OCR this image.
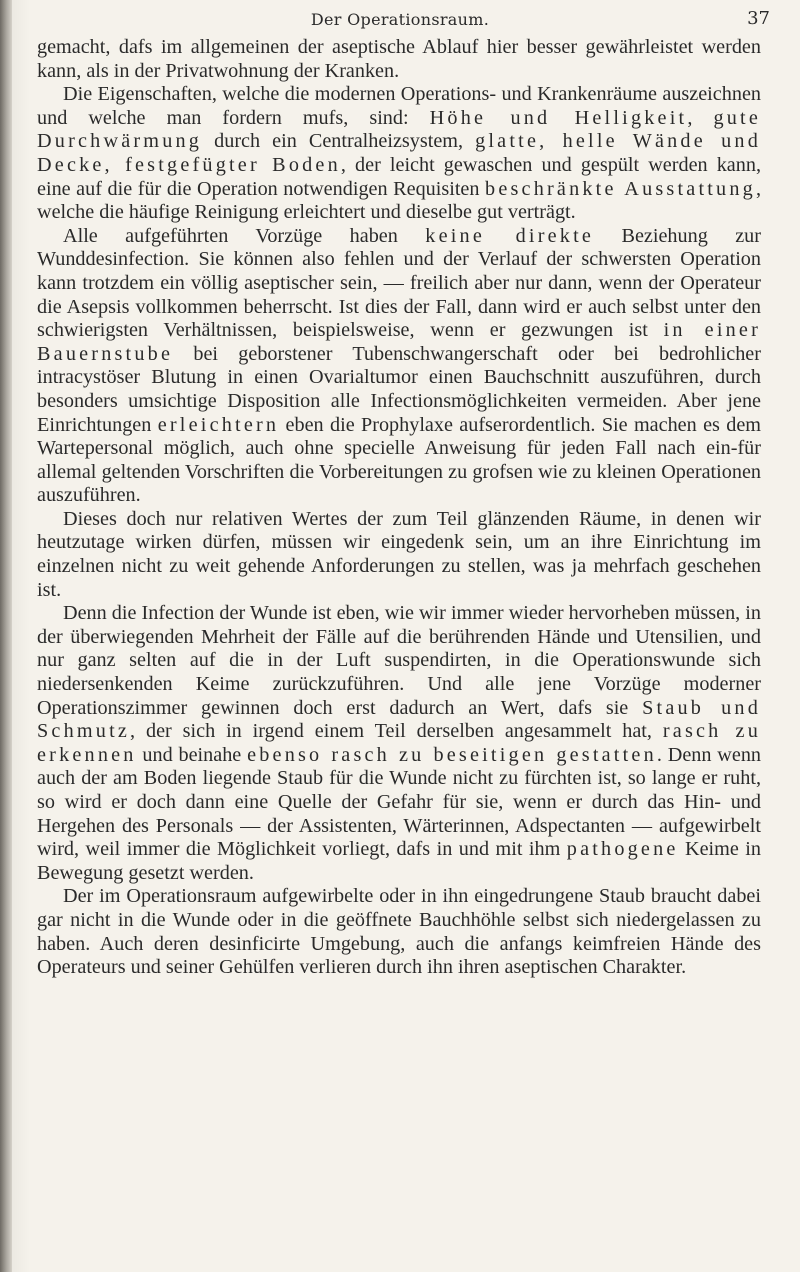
Der Operationsraum.	37

gemacht, dafs im allgemeinen der aseptische Ablauf hier besser gewährleistet werden kann, als in der Privatwohnung der Kranken.

Die Eigenschaften, welche die modernen Operations- und Krankenräume auszeichnen und welche man fordern mufs, sind: Höhe und Helligkeit, gute Durchwärmung durch ein Centralheizsystem, glatte, helle Wände und Decke, festgefügter Boden, der leicht gewaschen und gespült werden kann, eine auf die für die Operation notwendigen Requisiten beschränkte Ausstattung, welche die häufige Reinigung erleichtert und dieselbe gut verträgt.

Alle aufgeführten Vorzüge haben keine direkte Beziehung zur Wunddesinfection. Sie können also fehlen und der Verlauf der schwersten Operation kann trotzdem ein völlig aseptischer sein, — freilich aber nur dann, wenn der Operateur die Asepsis vollkommen beherrscht. Ist dies der Fall, dann wird er auch selbst unter den schwierigsten Verhältnissen, beispielsweise, wenn er gezwungen ist in einer Bauernstube bei geborstener Tubenschwangerschaft oder bei bedrohlicher intracystöser Blutung in einen Ovarialtumor einen Bauchschnitt auszuführen, durch besonders umsichtige Disposition alle Infectionsmöglichkeiten vermeiden. Aber jene Einrichtungen erleichtern eben die Prophylaxe aufserordentlich. Sie machen es dem Wartepersonal möglich, auch ohne specielle Anweisung für jeden Fall nach ein-für allemal geltenden Vorschriften die Vorbereitungen zu grofsen wie zu kleinen Operationen auszuführen.

Dieses doch nur relativen Wertes der zum Teil glänzenden Räume, in denen wir heutzutage wirken dürfen, müssen wir eingedenk sein, um an ihre Einrichtung im einzelnen nicht zu weit gehende Anforderungen zu stellen, was ja mehrfach geschehen ist.

Denn die Infection der Wunde ist eben, wie wir immer wieder hervorheben müssen, in der überwiegenden Mehrheit der Fälle auf die berührenden Hände und Utensilien, und nur ganz selten auf die in der Luft suspendirten, in die Operationswunde sich niedersenkenden Keime zurückzuführen. Und alle jene Vorzüge moderner Operationszimmer gewinnen doch erst dadurch an Wert, dafs sie Staub und Schmutz, der sich in irgend einem Teil derselben angesammelt hat, rasch zu erkennen und beinahe ebenso rasch zu beseitigen gestatten. Denn wenn auch der am Boden liegende Staub für die Wunde nicht zu fürchten ist, so lange er ruht, so wird er doch dann eine Quelle der Gefahr für sie, wenn er durch das Hin- und Hergehen des Personals — der Assistenten, Wärterinnen, Adspectanten — aufgewirbelt wird, weil immer die Möglichkeit vorliegt, dafs in und mit ihm pathogene Keime in Bewegung gesetzt werden.

Der im Operationsraum aufgewirbelte oder in ihn eingedrungene Staub braucht dabei gar nicht in die Wunde oder in die geöffnete Bauchhöhle selbst sich niedergelassen zu haben. Auch deren desinficirte Umgebung, auch die anfangs keimfreien Hände des Operateurs und seiner Gehülfen verlieren durch ihn ihren aseptischen Charakter.
